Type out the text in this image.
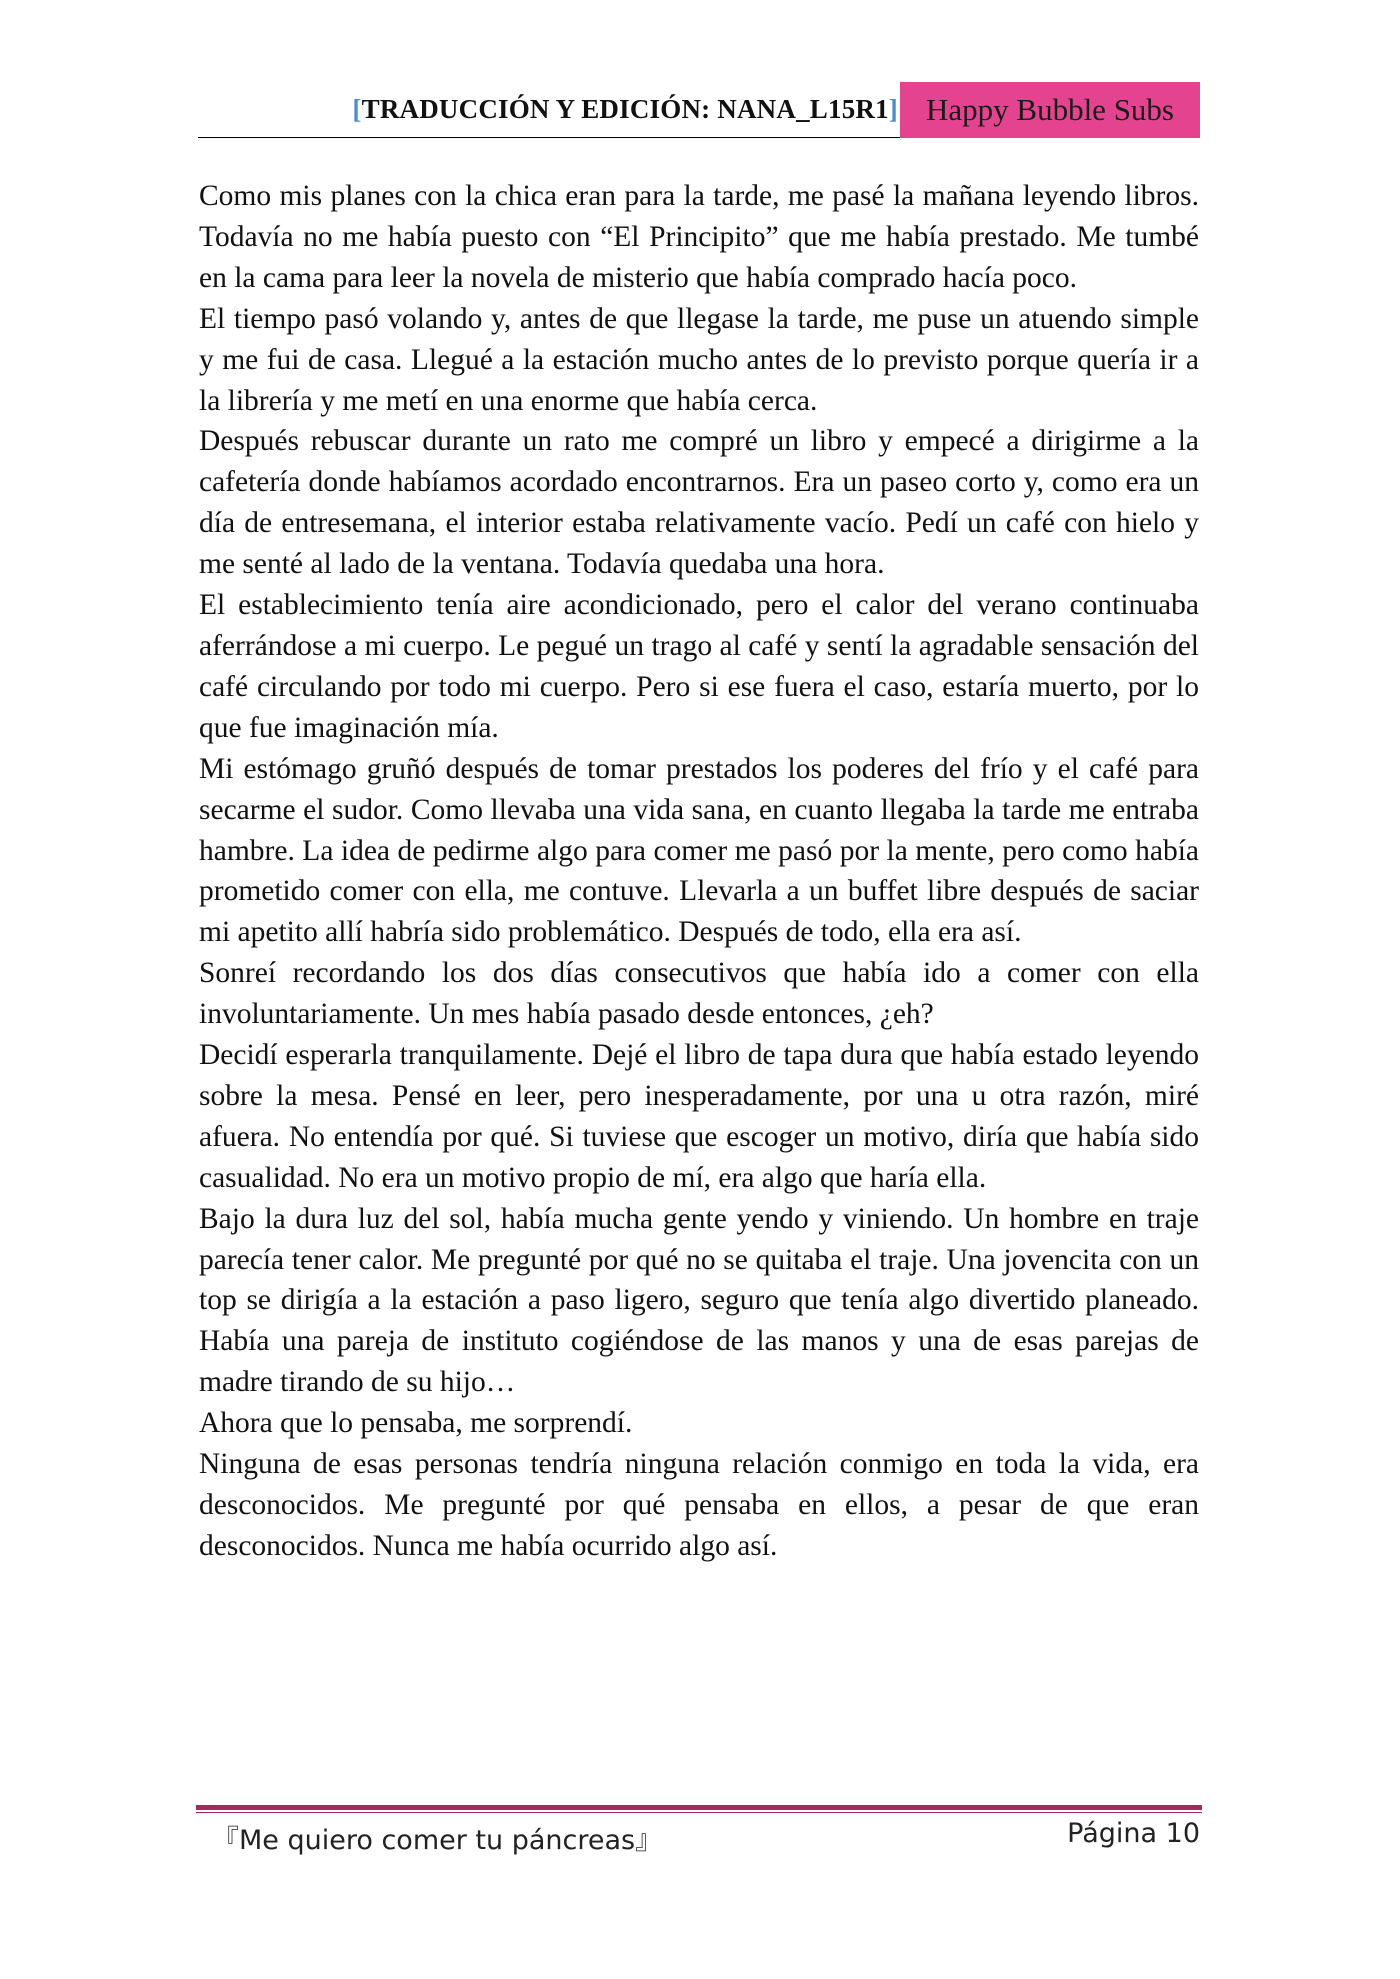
[TRADUCCIÓN Y EDICIÓN: NANA_L15R1] Happy Bubble Subs

Como mis planes con la chica eran para la tarde, me pasé la mañana leyendo libros. Todavía no me había puesto con “El Principito” que me había prestado. Me tumbé en la cama para leer la novela de misterio que había comprado hacía poco.

El tiempo pasó volando y, antes de que llegase la tarde, me puse un atuendo simple y me fui de casa. Llegué a la estación mucho antes de lo previsto porque quería ir a la librería y me metí en una enorme que había cerca.

Después rebuscar durante un rato me compré un libro y empecé a dirigirme a la cafetería donde habíamos acordado encontrarnos. Era un paseo corto y, como era un día de entresemana, el interior estaba relativamente vacío. Pedí un café con hielo y me senté al lado de la ventana. Todavía quedaba una hora.

El establecimiento tenía aire acondicionado, pero el calor del verano continuaba aferrándose a mi cuerpo. Le pegué un trago al café y sentí la agradable sensación del café circulando por todo mi cuerpo. Pero si ese fuera el caso, estaría muerto, por lo que fue imaginación mía.

Mi estómago gruñó después de tomar prestados los poderes del frío y el café para secarme el sudor. Como llevaba una vida sana, en cuanto llegaba la tarde me entraba hambre. La idea de pedirme algo para comer me pasó por la mente, pero como había prometido comer con ella, me contuve. Llevarla a un buffet libre después de saciar mi apetito allí habría sido problemático. Después de todo, ella era así.

Sonreí recordando los dos días consecutivos que había ido a comer con ella involuntariamente. Un mes había pasado desde entonces, ¿eh?

Decidí esperarla tranquilamente. Dejé el libro de tapa dura que había estado leyendo sobre la mesa. Pensé en leer, pero inesperadamente, por una u otra razón, miré afuera. No entendía por qué. Si tuviese que escoger un motivo, diría que había sido casualidad. No era un motivo propio de mí, era algo que haría ella.

Bajo la dura luz del sol, había mucha gente yendo y viniendo. Un hombre en traje parecía tener calor. Me pregunté por qué no se quitaba el traje. Una jovencita con un top se dirigía a la estación a paso ligero, seguro que tenía algo divertido planeado. Había una pareja de instituto cogiéndose de las manos y una de esas parejas de madre tirando de su hijo…

Ahora que lo pensaba, me sorprendí.

Ninguna de esas personas tendría ninguna relación conmigo en toda la vida, era desconocidos. Me pregunté por qué pensaba en ellos, a pesar de que eran desconocidos. Nunca me había ocurrido algo así.

『Me quiero comer tu páncreas』	Página 10
